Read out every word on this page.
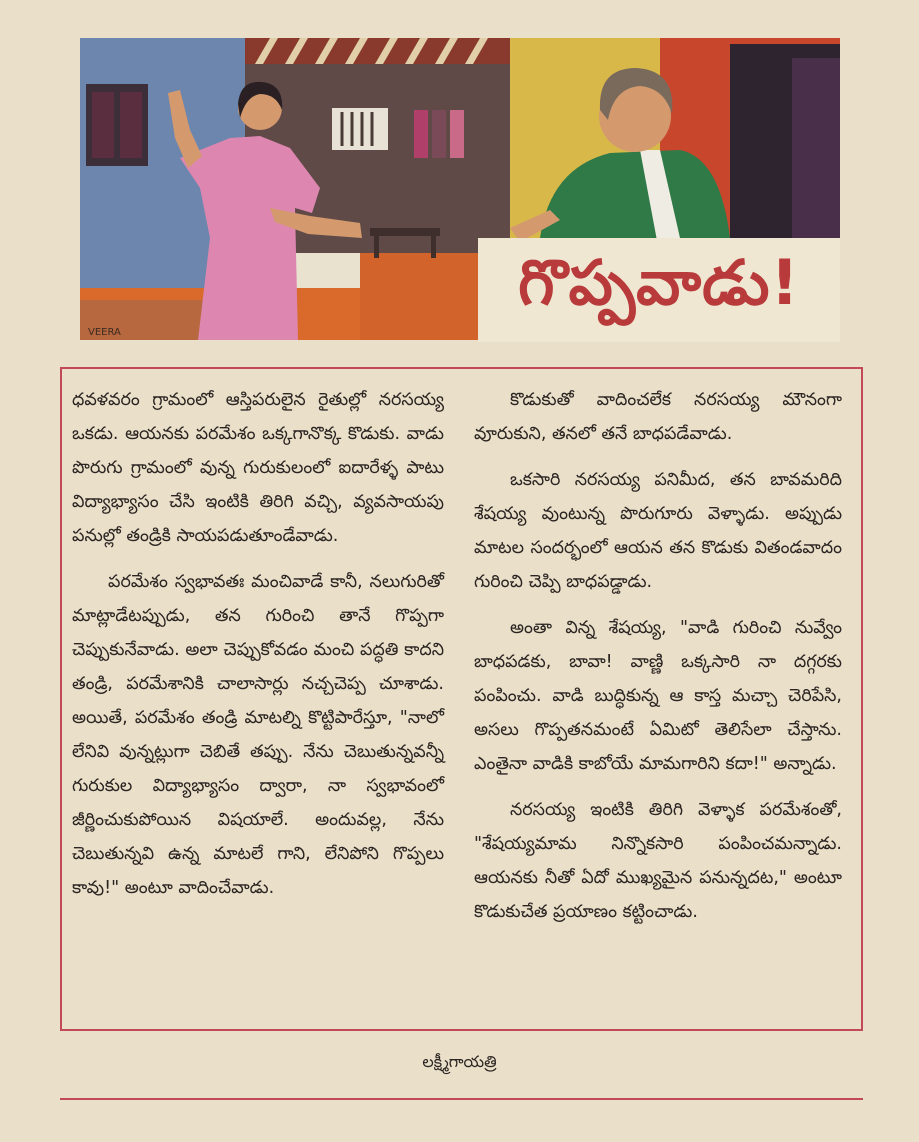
VEERA
గొప్పవాడు!

ధవళవరం గ్రామంలో ఆస్తిపరులైన రైతుల్లో నరసయ్య ఒకడు. ఆయనకు పరమేశం ఒక్కగానొక్క కొడుకు. వాడు పొరుగు గ్రామంలో వున్న గురుకులంలో ఐదారేళ్ళ పాటు విద్యాభ్యాసం చేసి ఇంటికి తిరిగి వచ్చి, వ్యవసాయపు పనుల్లో తండ్రికి సాయపడుతూండేవాడు.

పరమేశం స్వభావతః మంచివాడే కానీ, నలుగురితో మాట్లాడేటప్పుడు, తన గురించి తానే గొప్పగా చెప్పుకునేవాడు. అలా చెప్పుకోవడం మంచి పద్ధతి కాదని తండ్రి, పరమేశానికి చాలాసార్లు నచ్చచెప్ప చూశాడు. అయితే, పరమేశం తండ్రి మాటల్ని కొట్టిపారేస్తూ, "నాలో లేనివి వున్నట్లుగా చెబితే తప్పు. నేను చెబుతున్నవన్నీ గురుకుల విద్యాభ్యాసం ద్వారా, నా స్వభావంలో జీర్ణించుకుపోయిన విషయాలే. అందువల్ల, నేను చెబుతున్నవి ఉన్న మాటలే గాని, లేనిపోని గొప్పలు కావు!" అంటూ వాదించేవాడు.

కొడుకుతో వాదించలేక నరసయ్య మౌనంగా వూరుకుని, తనలో తనే బాధపడేవాడు.

ఒకసారి నరసయ్య పనిమీద, తన బావమరిది శేషయ్య వుంటున్న పొరుగూరు వెళ్ళాడు. అప్పుడు మాటల సందర్భంలో ఆయన తన కొడుకు వితండవాదం గురించి చెప్పి బాధపడ్డాడు.

అంతా విన్న శేషయ్య, "వాడి గురించి నువ్వేం బాధపడకు, బావా! వాణ్ణి ఒక్కసారి నా దగ్గరకు పంపించు. వాడి బుద్ధికున్న ఆ కాస్త మచ్చా చెరిపేసి, అసలు గొప్పతనమంటే ఏమిటో తెలిసేలా చేస్తాను. ఎంతైనా వాడికి కాబోయే మామగారిని కదా!" అన్నాడు.

నరసయ్య ఇంటికి తిరిగి వెళ్ళాక పరమేశంతో, "శేషయ్యమామ నిన్నొకసారి పంపించమన్నాడు. ఆయనకు నీతో ఏదో ముఖ్యమైన పనున్నదట," అంటూ కొడుకుచేత ప్రయాణం కట్టించాడు.

లక్ష్మీగాయత్రి
